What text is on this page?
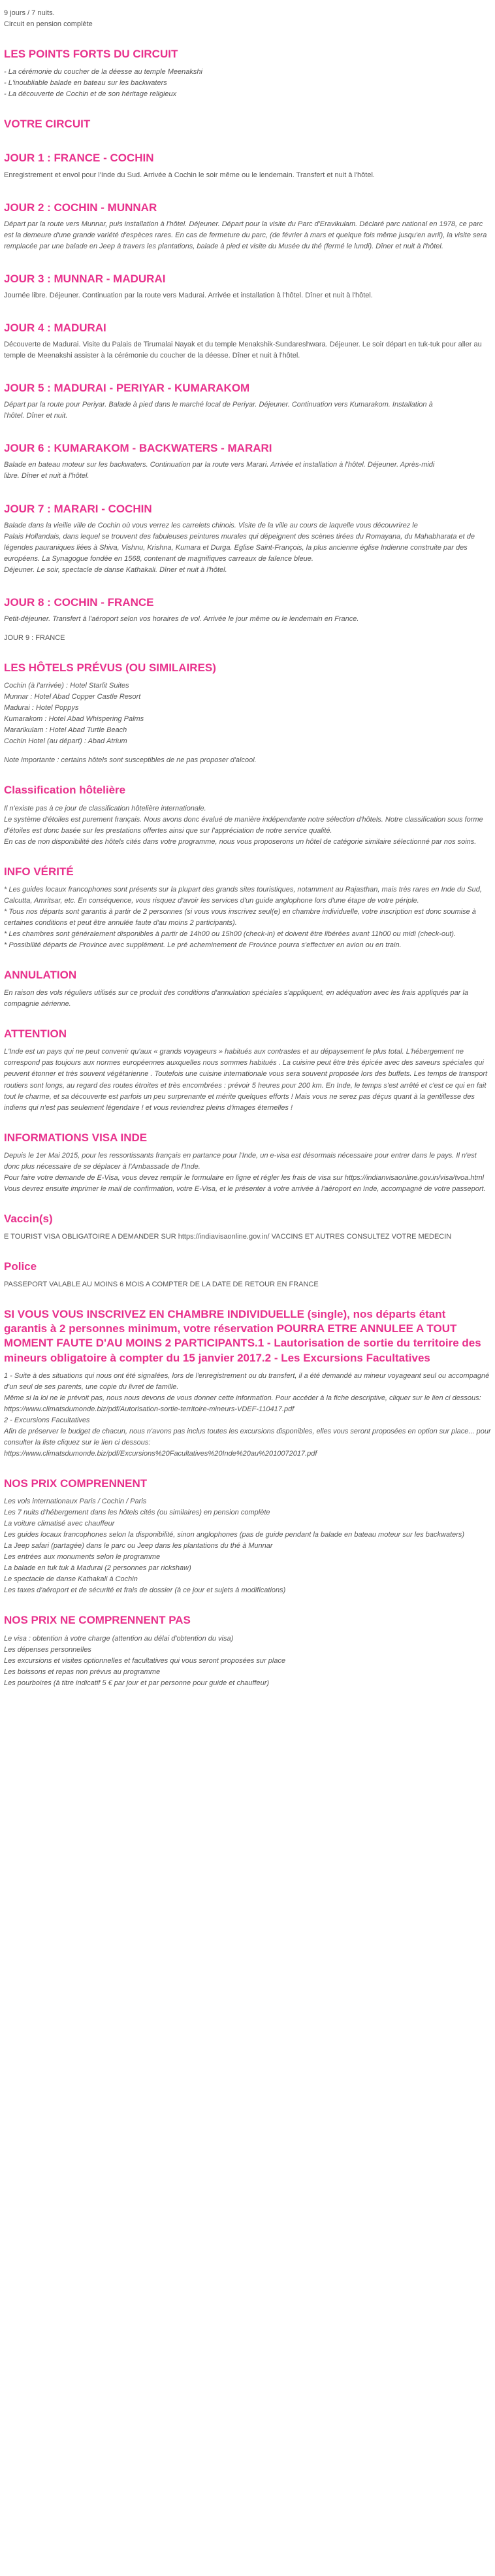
9 jours / 7 nuits.
Circuit en pension complète
LES POINTS FORTS DU CIRCUIT
- La cérémonie du coucher de la déesse au temple Meenakshi
- L'inoubliable balade en bateau sur les backwaters
- La découverte de Cochin et de son héritage religieux
VOTRE CIRCUIT
JOUR 1 : FRANCE - COCHIN

Enregistrement et envol pour l'Inde du Sud. Arrivée à Cochin le soir même ou le lendemain. Transfert et nuit à l'hôtel.

JOUR 2 : COCHIN - MUNNAR

Départ par la route vers Munnar, puis installation à l'hôtel. Déjeuner. Départ pour la visite du Parc d'Eravikulam. Déclaré parc national en 1978, ce parc est la demeure d'une grande variété d'espèces rares. En cas de fermeture du parc, (de février à mars et quelque fois même jusqu'en avril), la visite sera remplacée par une balade en Jeep à travers les plantations, balade à pied et visite du Musée du thé (fermé le lundi). Dîner et nuit à l'hôtel.

JOUR 3 : MUNNAR - MADURAI

Journée libre. Déjeuner. Continuation par la route vers Madurai. Arrivée et installation à l'hôtel. Dîner et nuit à l'hôtel.

JOUR 4 : MADURAI

Découverte de Madurai. Visite du Palais de Tirumalai Nayak et du temple Menakshik-Sundareshwara. Déjeuner. Le soir départ en tuk-tuk pour aller au temple de Meenakshi assister à la cérémonie du coucher de la déesse. Dîner et nuit à l'hôtel.

JOUR 5 : MADURAI - PERIYAR - KUMARAKOM

Départ par la route pour Periyar. Balade à pied dans le marché local de Periyar. Déjeuner. Continuation vers Kumarakom. Installation à
l'hôtel. Dîner et nuit.

JOUR 6 : KUMARAKOM - BACKWATERS - MARARI

Balade en bateau moteur sur les backwaters. Continuation par la route vers Marari. Arrivée et installation à l'hôtel. Déjeuner. Après-midi
libre. Dîner et nuit à l'hôtel.

JOUR 7 : MARARI - COCHIN

Balade dans la vieille ville de Cochin où vous verrez les carrelets chinois. Visite de la ville au cours de laquelle vous découvrirez le
Palais Hollandais, dans lequel se trouvent des fabuleuses peintures murales qui dépeignent des scènes tirées du Romayana, du Mahabharata et de légendes pauraniques liées à Shiva, Vishnu, Krishna, Kumara et Durga. Eglise Saint-François, la plus ancienne église Indienne construite par des européens. La Synagogue fondée en 1568, contenant de magnifiques carreaux de faïence bleue.
Déjeuner. Le soir, spectacle de danse Kathakali. Dîner et nuit à l'hôtel.

JOUR 8 : COCHIN - FRANCE

Petit-déjeuner. Transfert à l'aéroport selon vos horaires de vol. Arrivée le jour même ou le lendemain en France.

JOUR 9 : FRANCE

LES HÔTELS PRÉVUS (OU SIMILAIRES)

Cochin (à l'arrivée) : Hotel Starlit Suites
Munnar : Hotel Abad Copper Castle Resort
Madurai : Hotel Poppys
Kumarakom : Hotel Abad Whispering Palms
Mararikulam : Hotel Abad Turtle Beach
Cochin Hotel (au départ) : Abad Atrium

Note importante : certains hôtels sont susceptibles de ne pas proposer d'alcool.

Classification hôtelière

Il n'existe pas à ce jour de classification hôtelière internationale.
Le système d'étoiles est purement français. Nous avons donc évalué de manière indépendante notre sélection d'hôtels. Notre classification sous forme d'étoiles est donc basée sur les prestations offertes ainsi que sur l'appréciation de notre service qualité.
En cas de non disponibilité des hôtels cités dans votre programme, nous vous proposerons un hôtel de catégorie similaire sélectionné par nos soins.

INFO VÉRITÉ

* Les guides locaux francophones sont présents sur la plupart des grands sites touristiques, notamment au Rajasthan, mais très rares en Inde du Sud, Calcutta, Amritsar, etc. En conséquence, vous risquez d'avoir les services d'un guide anglophone lors d'une étape de votre périple.
* Tous nos départs sont garantis à partir de 2 personnes (si vous vous inscrivez seul(e) en chambre individuelle, votre inscription est donc soumise à certaines conditions et peut être annulée faute d'au moins 2 participants).
* Les chambres sont généralement disponibles à partir de 14h00 ou 15h00 (check-in) et doivent être libérées avant 11h00 ou midi (check-out).
* Possibilité départs de Province avec supplément. Le pré acheminement de Province pourra s'effectuer en avion ou en train.

ANNULATION

En raison des vols réguliers utilisés sur ce produit des conditions d'annulation spéciales s'appliquent, en adéquation avec les frais appliqués par la compagnie aérienne.

ATTENTION

L'Inde est un pays qui ne peut convenir qu'aux « grands voyageurs » habitués aux contrastes et au dépaysement le plus total. L'hébergement ne correspond pas toujours aux normes européennes auxquelles nous sommes habitués . La cuisine peut être très épicée avec des saveurs spéciales qui peuvent étonner et très souvent végétarienne . Toutefois une cuisine internationale vous sera souvent proposée lors des buffets. Les temps de transport routiers sont longs, au regard des routes étroites et très encombrées : prévoir 5 heures pour 200 km. En Inde, le temps s'est arrêté et c'est ce qui en fait tout le charme, et sa découverte est parfois un peu surprenante et mérite quelques efforts ! Mais vous ne serez pas déçus quant à la gentillesse des indiens qui n'est pas seulement légendaire ! et vous reviendrez pleins d'images éternelles !

INFORMATIONS VISA INDE

Depuis le 1er Mai 2015, pour les ressortissants français en partance pour l'Inde, un e-visa est désormais nécessaire pour entrer dans le pays. Il n'est donc plus nécessaire de se déplacer à l'Ambassade de l'Inde.
Pour faire votre demande de E-Visa, vous devez remplir le formulaire en ligne et régler les frais de visa sur https://indianvisaonline.gov.in/visa/tvoa.html
Vous devrez ensuite imprimer le mail de confirmation, votre E-Visa, et le présenter à votre arrivée à l'aéroport en Inde, accompagné de votre passeport.

Vaccin(s)

E TOURIST VISA OBLIGATOIRE A DEMANDER SUR https://indiavisaonline.gov.in/ VACCINS ET AUTRES CONSULTEZ VOTRE MEDECIN

Police

PASSEPORT VALABLE AU MOINS 6 MOIS A COMPTER DE LA DATE DE RETOUR EN FRANCE

SI VOUS VOUS INSCRIVEZ EN CHAMBRE INDIVIDUELLE (single), nos départs étant garantis à 2 personnes minimum, votre réservation POURRA ETRE ANNULEE A TOUT MOMENT FAUTE D'AU MOINS 2 PARTICIPANTS.1 - Lautorisation de sortie du territoire des mineurs obligatoire à compter du 15 janvier 2017.2 - Les Excursions Facultatives

1 - Suite à des situations qui nous ont été signalées, lors de l'enregistrement ou du transfert, il a été demandé au mineur voyageant seul ou accompagné d'un seul de ses parents, une copie du livret de famille.
Même si la loi ne le prévoit pas, nous nous devons de vous donner cette information. Pour accéder à la fiche descriptive, cliquer sur le lien ci dessous:
https://www.climatsdumonde.biz/pdf/Autorisation-sortie-territoire-mineurs-VDEF-110417.pdf
2 - Excursions Facultatives
Afin de préserver le budget de chacun, nous n'avons pas inclus toutes les excursions disponibles, elles vous seront proposées en option sur place... pour consulter la liste cliquez sur le lien ci dessous:
https://www.climatsdumonde.biz/pdf/Excursions%20Facultatives%20Inde%20au%2010072017.pdf

NOS PRIX COMPRENNENT

Les vols internationaux Paris / Cochin / Paris
Les 7 nuits d'hébergement dans les hôtels cités (ou similaires) en pension complète
La voiture climatisé avec chauffeur
Les guides locaux francophones selon la disponibilité, sinon anglophones (pas de guide pendant la balade en bateau moteur sur les backwaters)
La Jeep safari (partagée) dans le parc ou Jeep dans les plantations du thé à Munnar
Les entrées aux monuments selon le programme
La balade en tuk tuk à Madurai (2 personnes par rickshaw)
Le spectacle de danse Kathakali à Cochin
Les taxes d'aéroport et de sécurité et frais de dossier (à ce jour et sujets à modifications)

NOS PRIX NE COMPRENNENT PAS

Le visa : obtention à votre charge (attention au délai d'obtention du visa)
Les dépenses personnelles
Les excursions et visites optionnelles et facultatives qui vous seront proposées sur place
Les boissons et repas non prévus au programme
Les pourboires (à titre indicatif 5 € par jour et par personne pour guide et chauffeur)
